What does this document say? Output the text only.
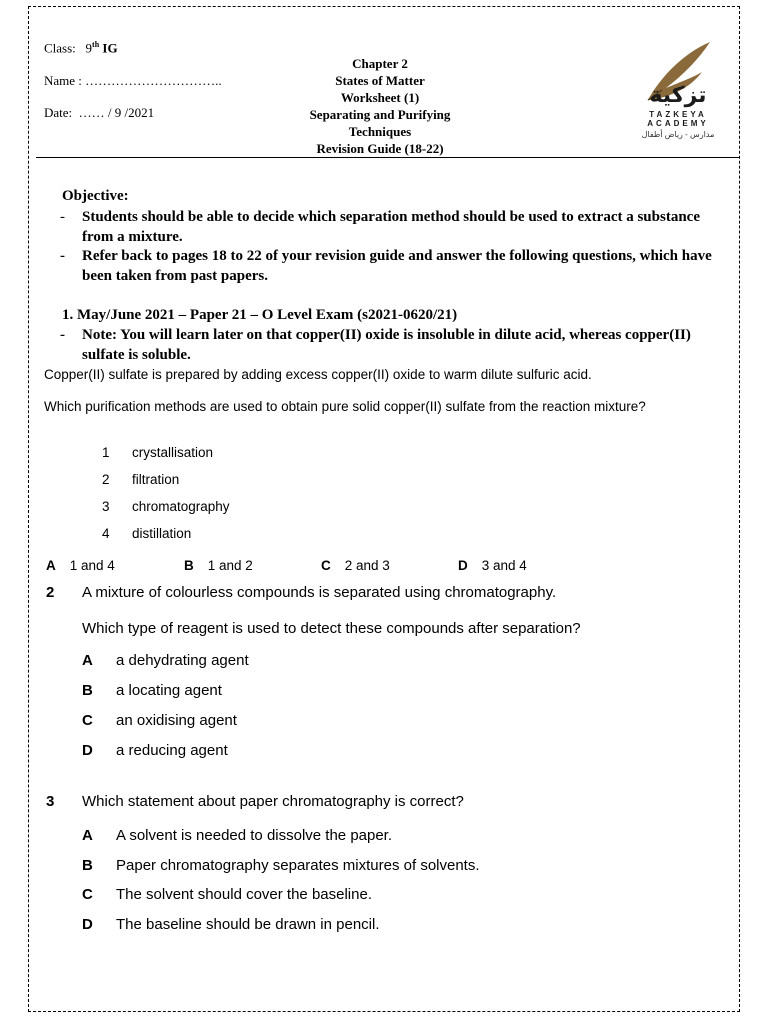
Class: 9th IG
Name : …………………………..
Date: …… / 9 /2021
Chapter 2
States of Matter
Worksheet (1)
Separating and Purifying
Techniques
Revision Guide (18-22)
تزكية
TAZKEYA
ACADEMY
مدارس - رياض أطفال
Objective:
- Students should be able to decide which separation method should be used to extract a substance from a mixture.
- Refer back to pages 18 to 22 of your revision guide and answer the following questions, which have been taken from past papers.
1. May/June 2021 – Paper 21 – O Level Exam (s2021-0620/21)
- Note: You will learn later on that copper(II) oxide is insoluble in dilute acid, whereas copper(II) sulfate is soluble.
Copper(II) sulfate is prepared by adding excess copper(II) oxide to warm dilute sulfuric acid.
Which purification methods are used to obtain pure solid copper(II) sulfate from the reaction mixture?
1 crystallisation
2 filtration
3 chromatography
4 distillation
A 1 and 4	B 1 and 2	C 2 and 3	D 3 and 4
2 A mixture of colourless compounds is separated using chromatography.
Which type of reagent is used to detect these compounds after separation?
A a dehydrating agent
B a locating agent
C an oxidising agent
D a reducing agent
3 Which statement about paper chromatography is correct?
A A solvent is needed to dissolve the paper.
B Paper chromatography separates mixtures of solvents.
C The solvent should cover the baseline.
D The baseline should be drawn in pencil.
